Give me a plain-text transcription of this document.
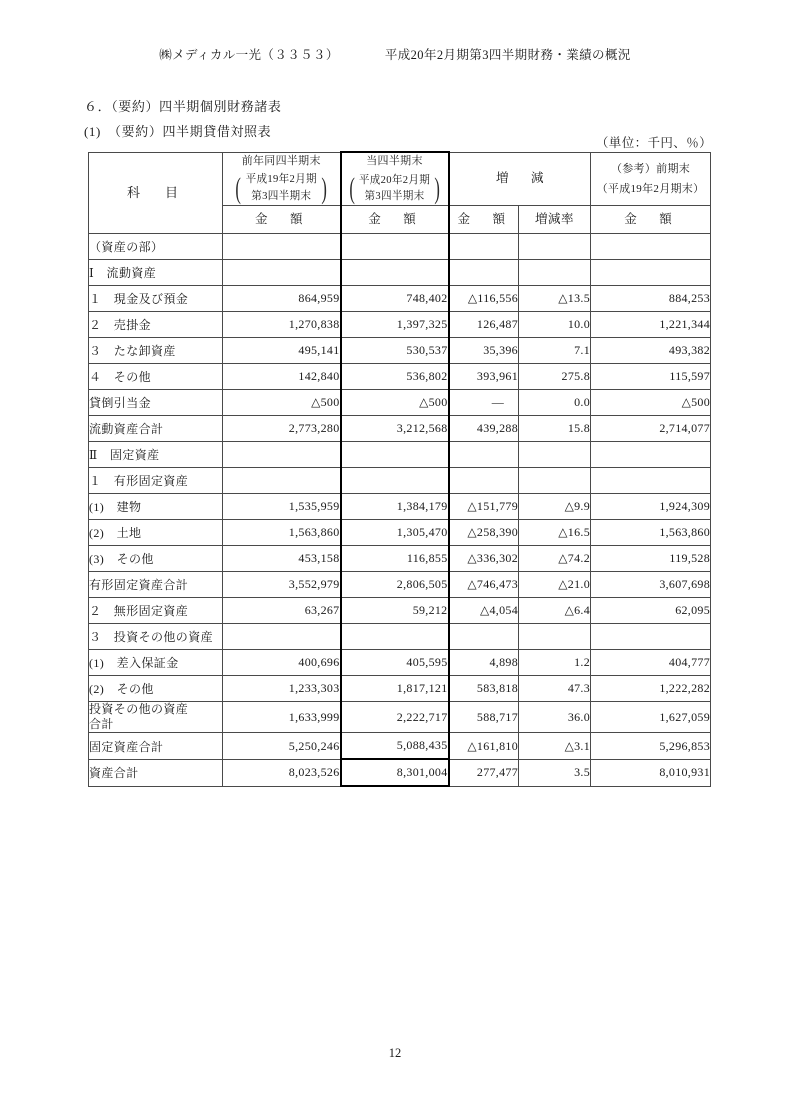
㈱メディカル一光（３３５３）	平成20年2月期第3四半期財務・業績の概況
６．（要約）四半期個別財務諸表
(1)　（要約）四半期貸借対照表
（単位：千円、％）
科　目	前年同四半期末
( 平成19年2月期
第3四半期末 )	当四半期末
( 平成20年2月期
第3四半期末 )	増　減		（参考）前期末
（平成19年2月期末）

	金　額	金　額	金　額	増減率	金　額
（資産の部）					
Ⅰ　流動資産					
１　現金及び預金	864,959	748,402	△116,556	△13.5	884,253
２　売掛金	1,270,838	1,397,325	126,487	10.0	1,221,344
３　たな卸資産	495,141	530,537	35,396	7.1	493,382
４　その他	142,840	536,802	393,961	275.8	115,597
貸倒引当金	△500	△500	—	0.0	△500
流動資産合計	2,773,280	3,212,568	439,288	15.8	2,714,077
Ⅱ　固定資産					
１　有形固定資産					
(1)　建物	1,535,959	1,384,179	△151,779	△9.9	1,924,309
(2)　土地	1,563,860	1,305,470	△258,390	△16.5	1,563,860
(3)　その他	453,158	116,855	△336,302	△74.2	119,528
有形固定資産合計	3,552,979	2,806,505	△746,473	△21.0	3,607,698
２　無形固定資産	63,267	59,212	△4,054	△6.4	62,095
３　投資その他の資産					
(1)　差入保証金	400,696	405,595	4,898	1.2	404,777
(2)　その他	1,233,303	1,817,121	583,818	47.3	1,222,282

投資その他の資産
合計	1,633,999	2,222,717	588,717	36.0	1,627,059
固定資産合計	5,250,246	5,088,435	△161,810	△3.1	5,296,853
資産合計	8,023,526	8,301,004	277,477	3.5	8,010,931
12
